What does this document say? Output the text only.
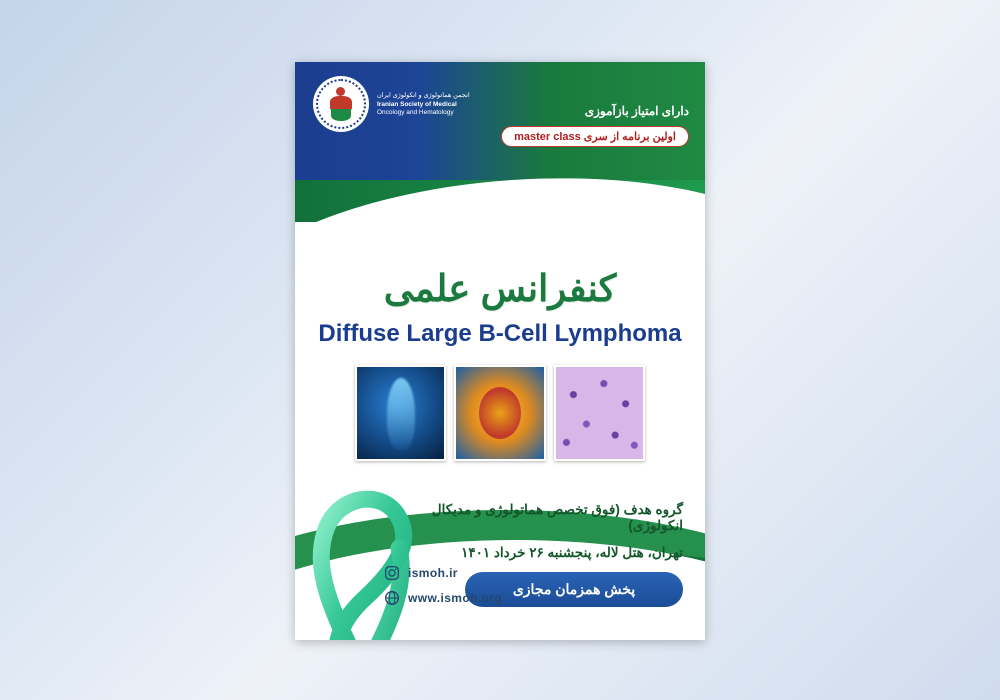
انجمن هماتولوژی و انکولوژی ایران
Iranian Society of Medical
Oncology and Hematology	دارای امتیاز بازآموزی
اولین برنامه از سری master class
کنفرانس علمی
Diffuse Large B-Cell Lymphoma
گروه هدف (فوق تخصص هماتولوژی و مدیکال انکولوژی)
تهران، هتل لاله، پنجشنبه ۲۶ خرداد ۱۴۰۱
پخش همزمان مجازی
ismoh.ir
www.ismoh.org
